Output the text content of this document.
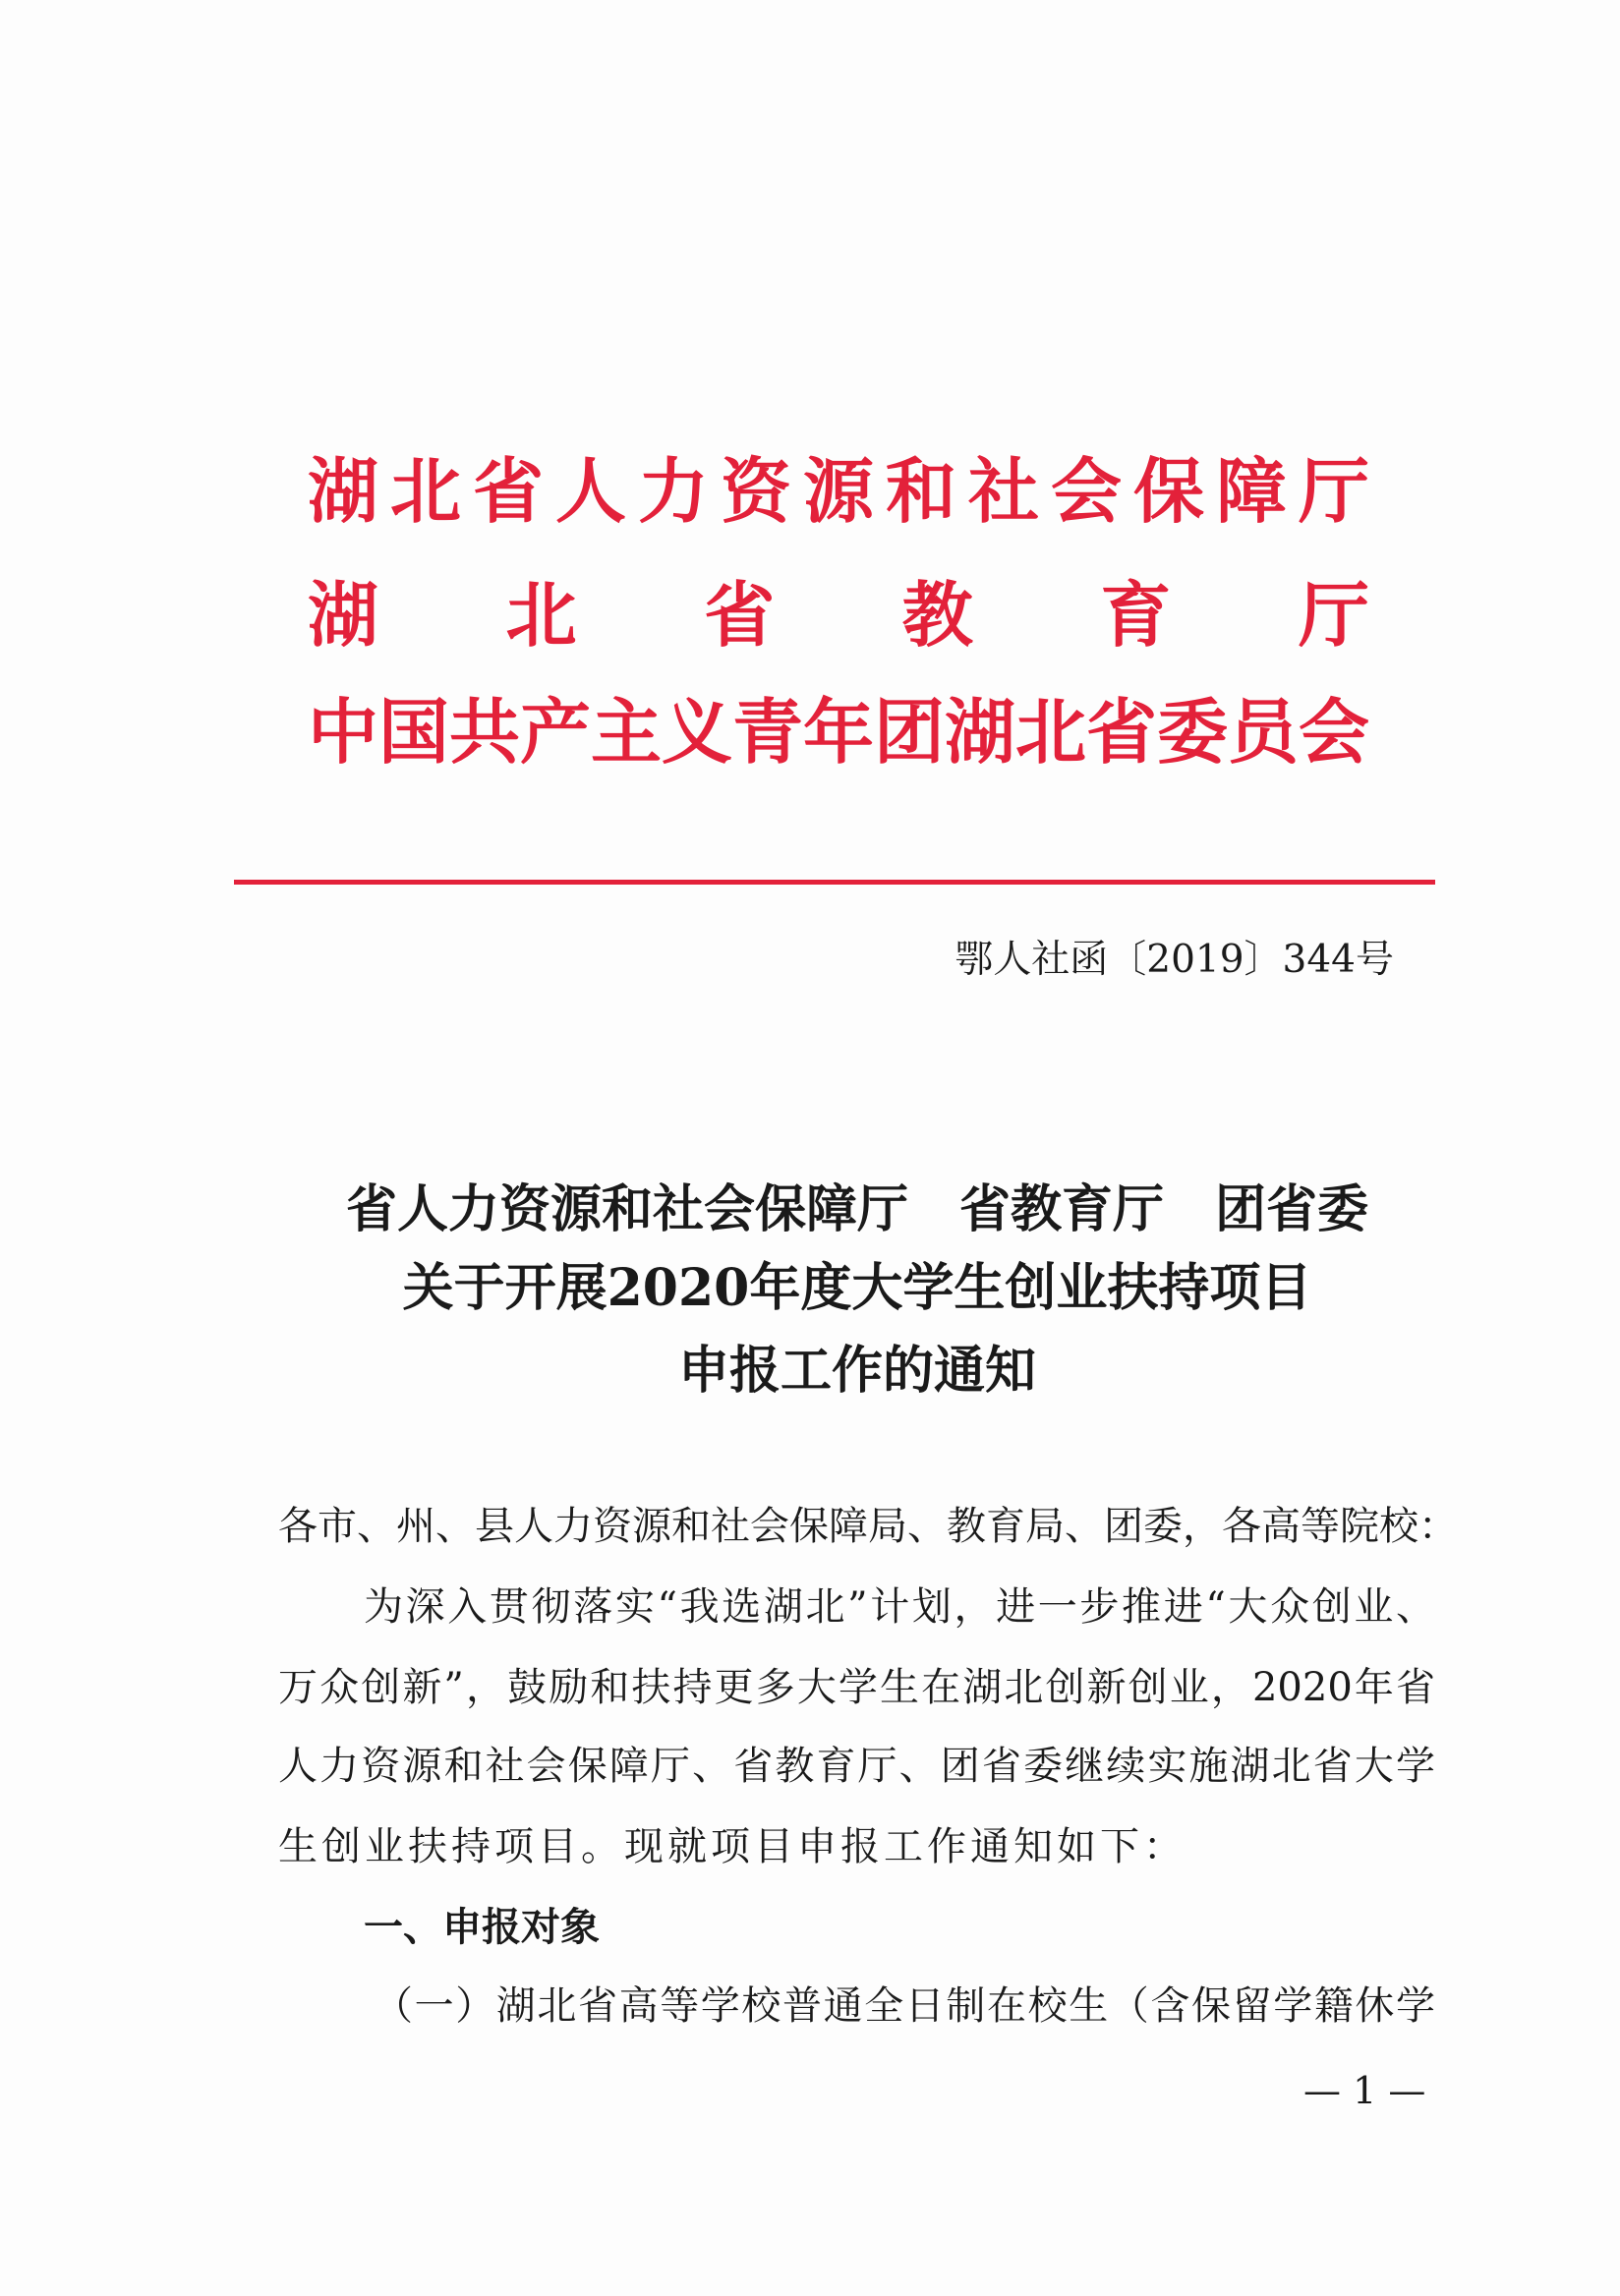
湖北省人力资源和社会保障厅
湖北省教育厅
中国共产主义青年团湖北省委员会
鄂人社函〔2019〕344号
省人力资源和社会保障厅　省教育厅　团省委
关于开展2020年度大学生创业扶持项目
申报工作的通知
各市、州、县人力资源和社会保障局、教育局、团委，各高等院校：
为深入贯彻落实“我选湖北”计划，进一步推进“大众创业、
万众创新”，鼓励和扶持更多大学生在湖北创新创业，2020年省
人力资源和社会保障厅、省教育厅、团省委继续实施湖北省大学
生创业扶持项目。现就项目申报工作通知如下：
一、申报对象
（一）湖北省高等学校普通全日制在校生（含保留学籍休学
— 1 —
